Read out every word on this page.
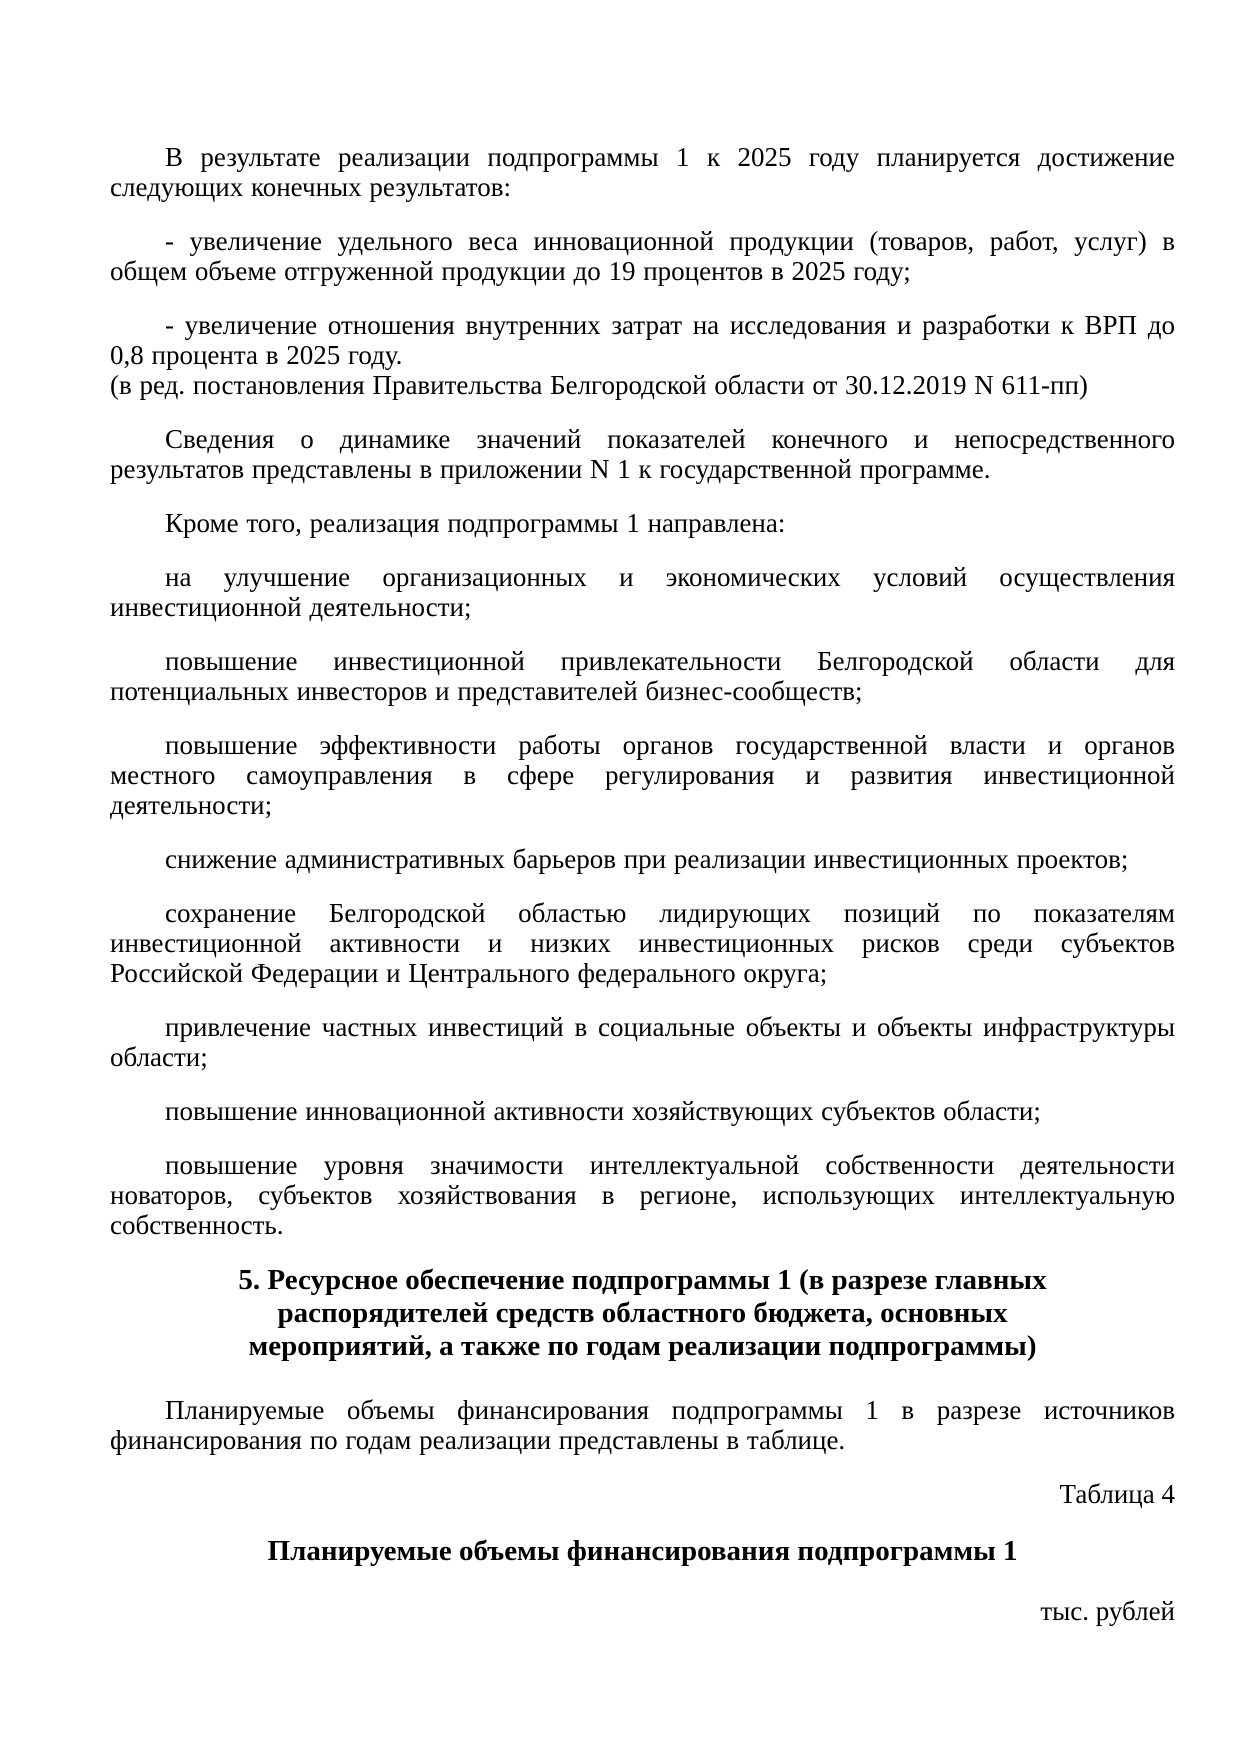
В результате реализации подпрограммы 1 к 2025 году планируется достижение следующих конечных результатов:

- увеличение удельного веса инновационной продукции (товаров, работ, услуг) в общем объеме отгруженной продукции до 19 процентов в 2025 году;

- увеличение отношения внутренних затрат на исследования и разработки к ВРП до 0,8 процента в 2025 году.

(в ред. постановления Правительства Белгородской области от 30.12.2019 N 611-пп)

Сведения о динамике значений показателей конечного и непосредственного результатов представлены в приложении N 1 к государственной программе.

Кроме того, реализация подпрограммы 1 направлена:

на улучшение организационных и экономических условий осуществления инвестиционной деятельности;

повышение инвестиционной привлекательности Белгородской области для потенциальных инвесторов и представителей бизнес-сообществ;

повышение эффективности работы органов государственной власти и органов местного самоуправления в сфере регулирования и развития инвестиционной деятельности;

снижение административных барьеров при реализации инвестиционных проектов;

сохранение Белгородской областью лидирующих позиций по показателям инвестиционной активности и низких инвестиционных рисков среди субъектов Российской Федерации и Центрального федерального округа;

привлечение частных инвестиций в социальные объекты и объекты инфраструктуры области;

повышение инновационной активности хозяйствующих субъектов области;

повышение уровня значимости интеллектуальной собственности деятельности новаторов, субъектов хозяйствования в регионе, использующих интеллектуальную собственность.

5. Ресурсное обеспечение подпрограммы 1 (в разрезе главных
распорядителей средств областного бюджета, основных
мероприятий, а также по годам реализации подпрограммы)

Планируемые объемы финансирования подпрограммы 1 в разрезе источников финансирования по годам реализации представлены в таблице.

Таблица 4

Планируемые объемы финансирования подпрограммы 1

тыс. рублей
